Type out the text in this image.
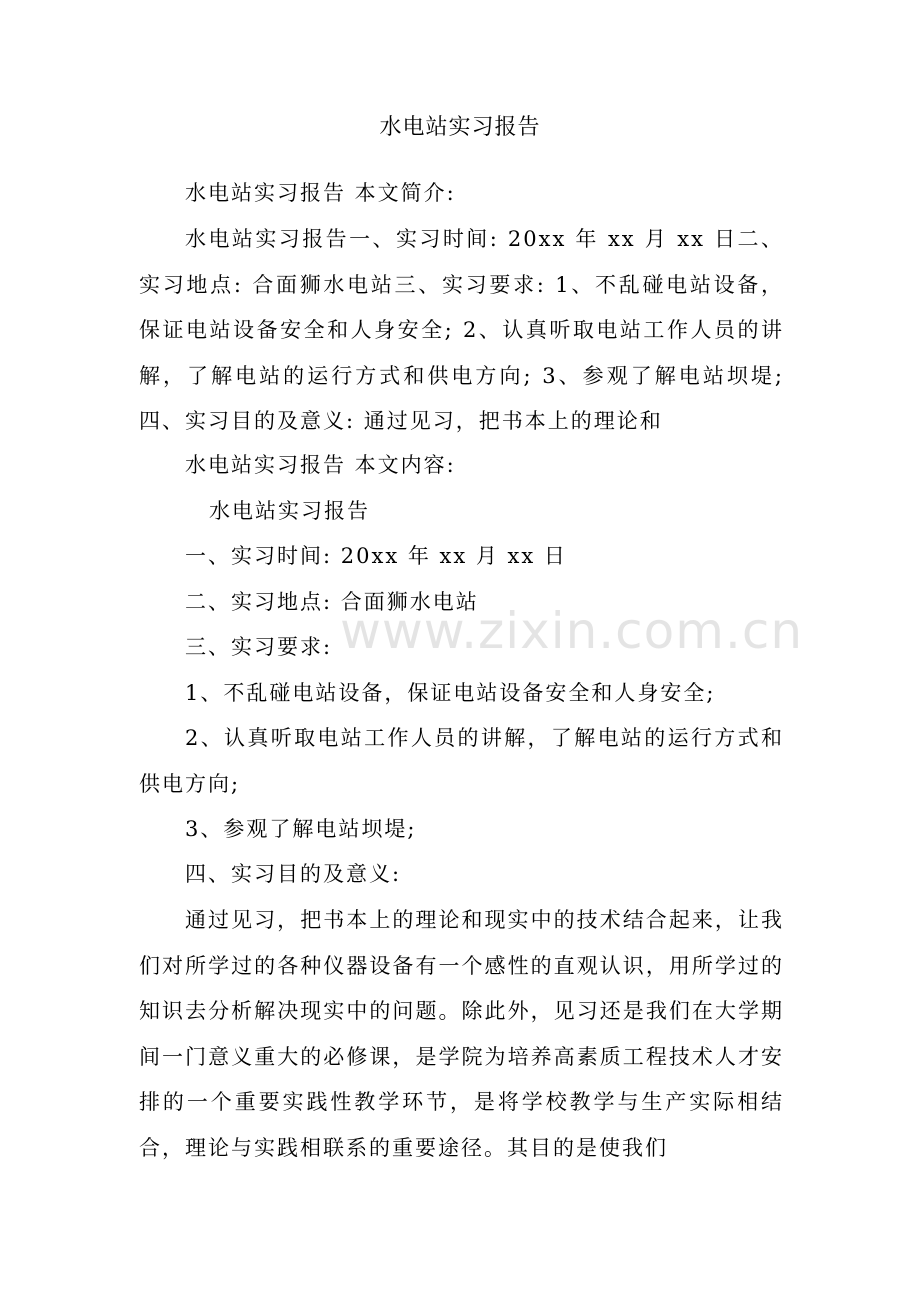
水电站实习报告

水电站实习报告 本文简介:

水电站实习报告一、实习时间: 20xx 年 xx 月 xx 日二、实习地点: 合面狮水电站三、实习要求: 1、不乱碰电站设备，保证电站设备安全和人身安全; 2、认真听取电站工作人员的讲解，了解电站的运行方式和供电方向; 3、参观了解电站坝堤; 四、实习目的及意义: 通过见习，把书本上的理论和

水电站实习报告 本文内容:

水电站实习报告

一、实习时间: 20xx 年 xx 月 xx 日

二、实习地点: 合面狮水电站

三、实习要求:

1、不乱碰电站设备，保证电站设备安全和人身安全;

2、认真听取电站工作人员的讲解，了解电站的运行方式和供电方向;

3、参观了解电站坝堤;

四、实习目的及意义:

通过见习，把书本上的理论和现实中的技术结合起来，让我们对所学过的各种仪器设备有一个感性的直观认识，用所学过的知识去分析解决现实中的问题。除此外，见习还是我们在大学期间一门意义重大的必修课，是学院为培养高素质工程技术人才安排的一个重要实践性教学环节，是将学校教学与生产实际相结合，理论与实践相联系的重要途径。其目的是使我们

www.zixin.com.cn
